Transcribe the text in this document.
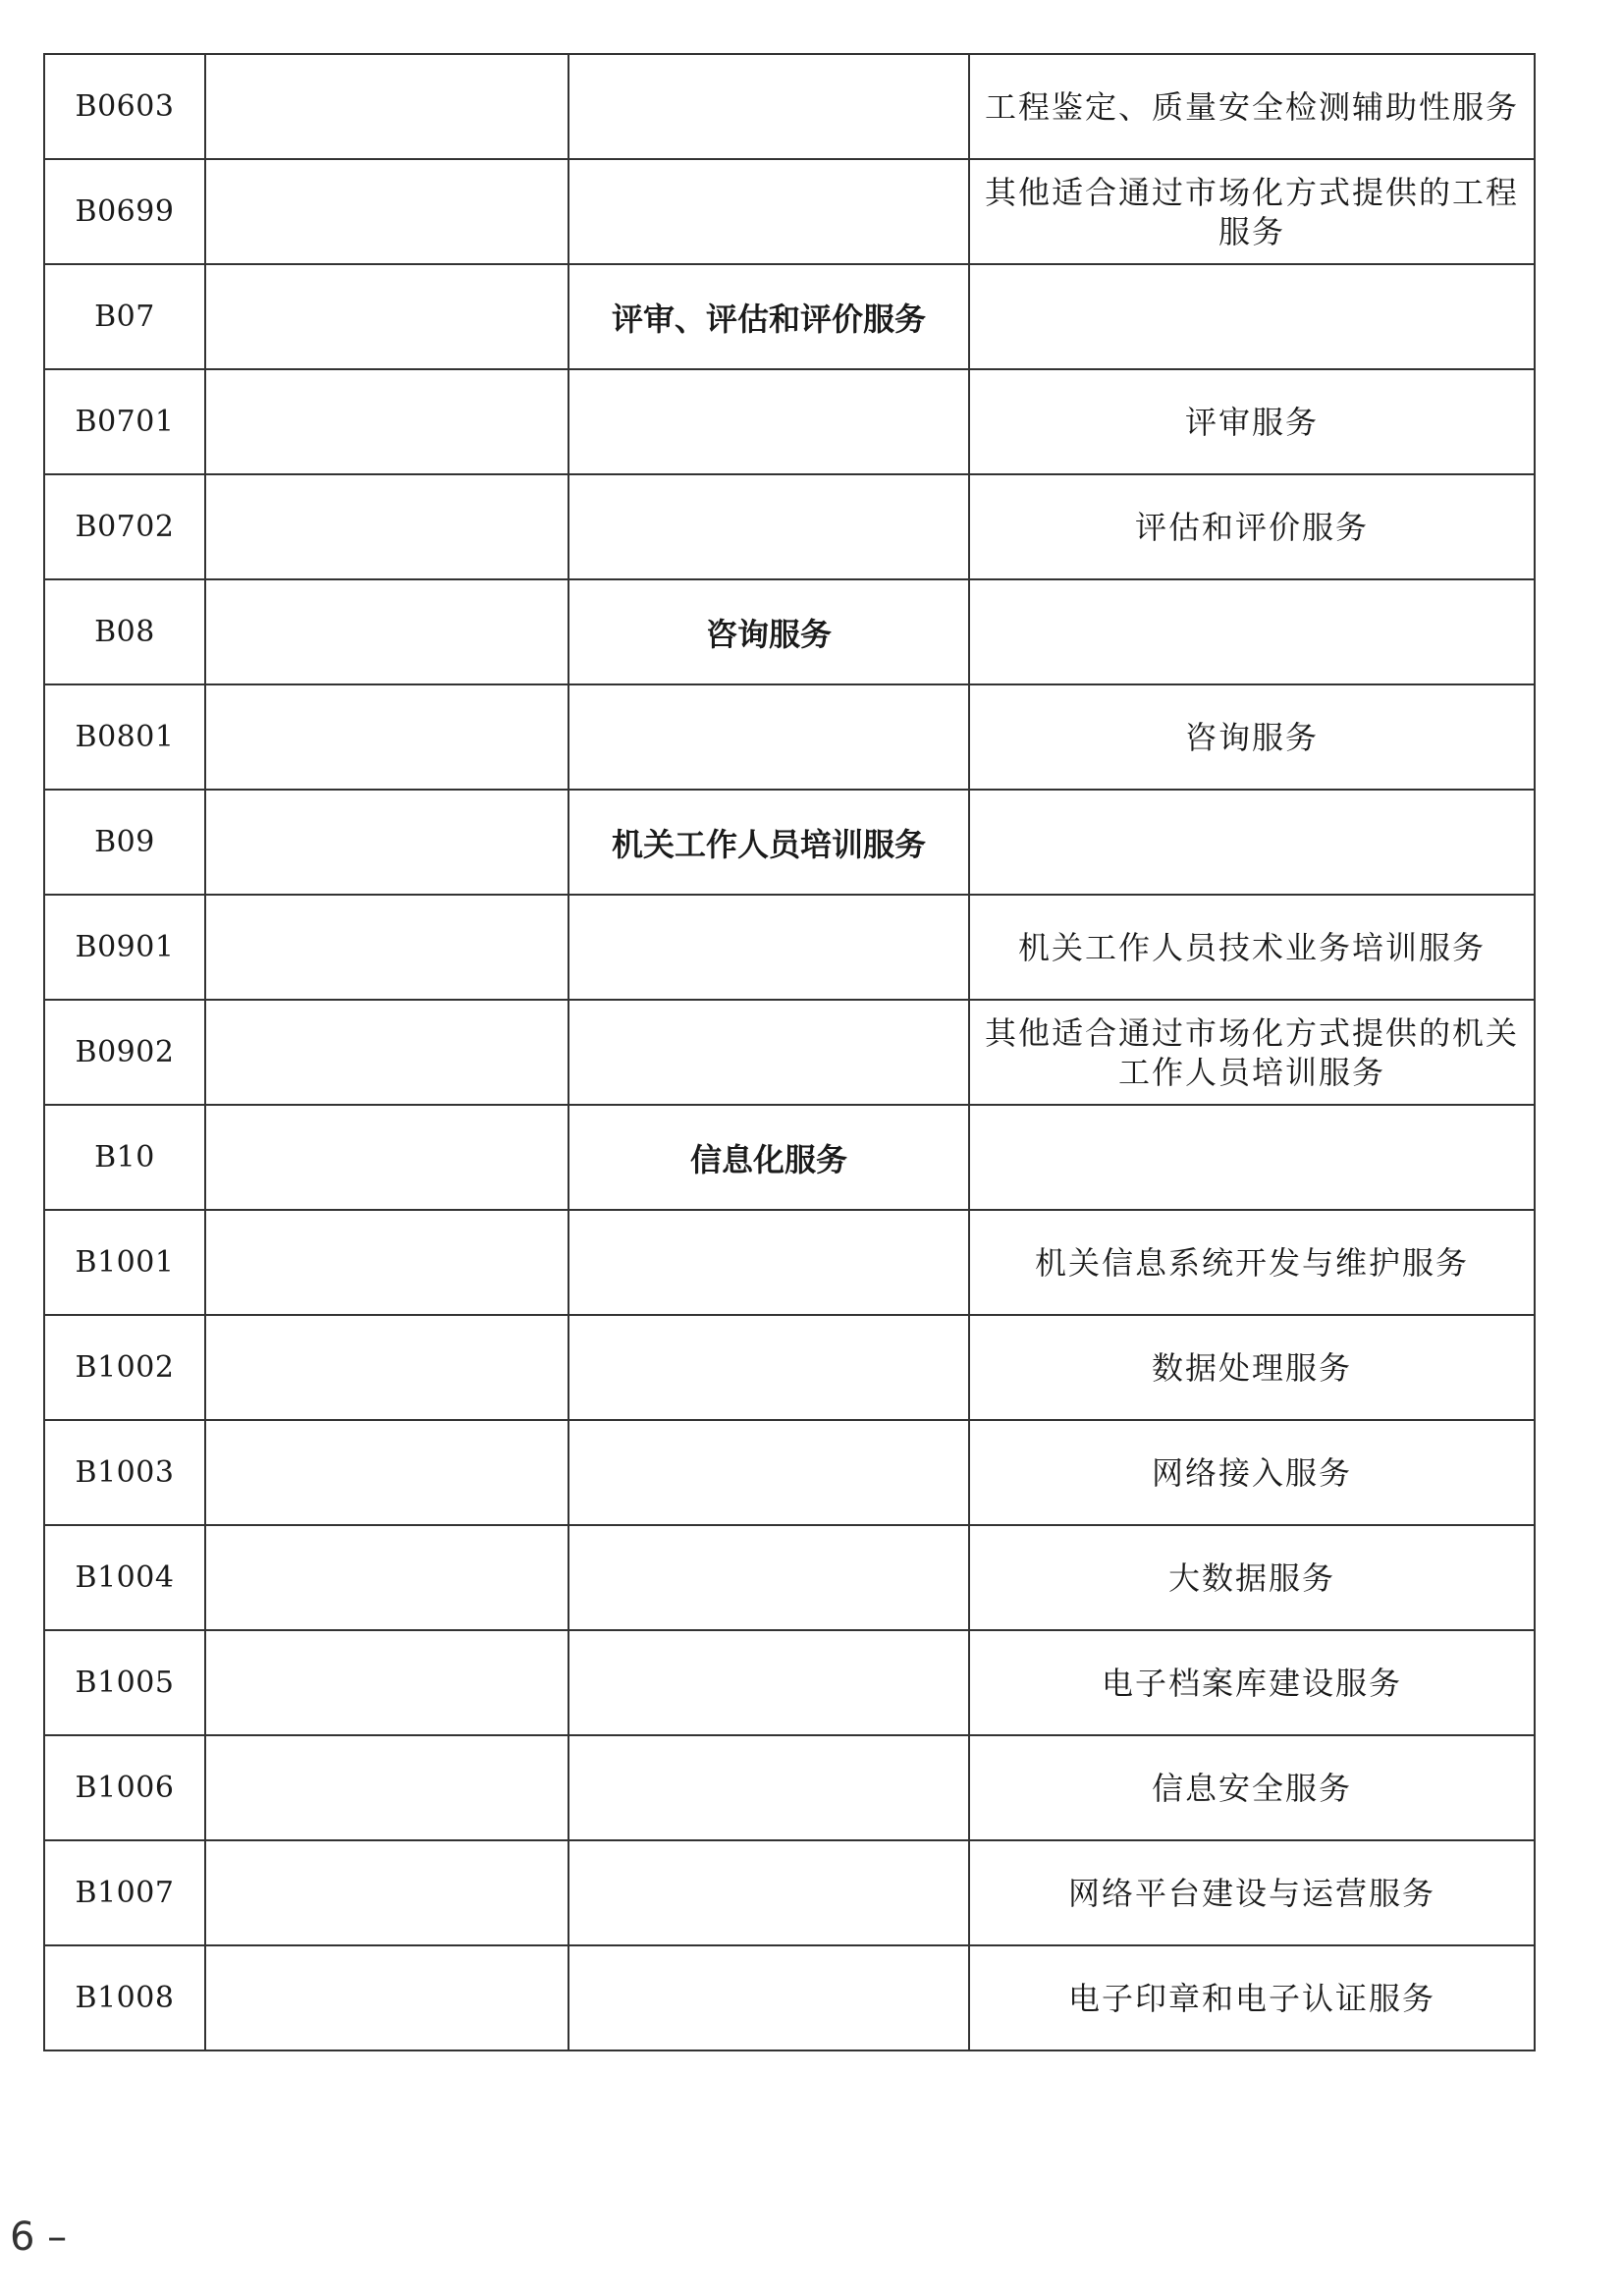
B0603			工程鉴定、质量安全检测辅助性服务
B0699			其他适合通过市场化方式提供的工程 服务
B07		评审、评估和评价服务	
B0701			评审服务
B0702			评估和评价服务
B08		咨询服务	
B0801			咨询服务
B09		机关工作人员培训服务	
B0901			机关工作人员技术业务培训服务
B0902			其他适合通过市场化方式提供的机关 工作人员培训服务
B10		信息化服务	
B1001			机关信息系统开发与维护服务
B1002			数据处理服务
B1003			网络接入服务
B1004			大数据服务
B1005			电子档案库建设服务
B1006			信息安全服务
B1007			网络平台建设与运营服务
B1008			电子印章和电子认证服务
6 –
